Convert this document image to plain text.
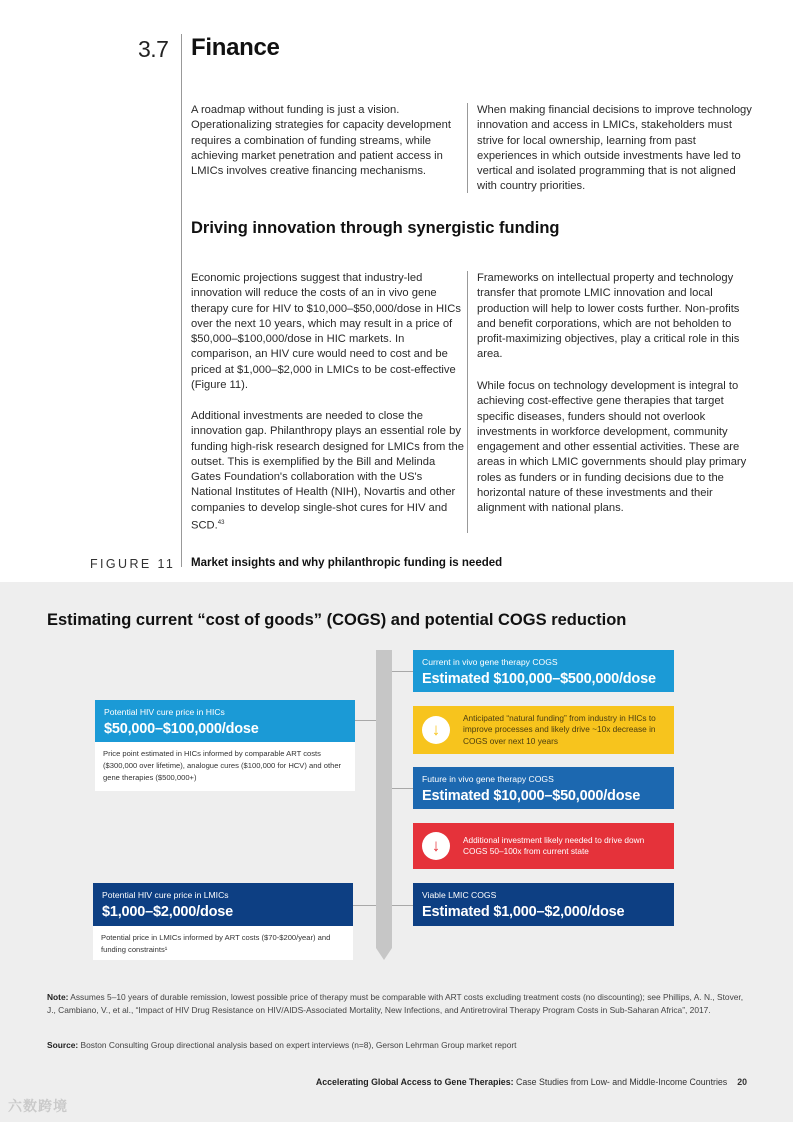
3.7 Finance

A roadmap without funding is just a vision. Operationalizing strategies for capacity development requires a combination of funding streams, while achieving market penetration and patient access in LMICs involves creative financing mechanisms.

When making financial decisions to improve technology innovation and access in LMICs, stakeholders must strive for local ownership, learning from past experiences in which outside investments have led to vertical and isolated programming that is not aligned with country priorities.

Driving innovation through synergistic funding

Economic projections suggest that industry-led innovation will reduce the costs of an in vivo gene therapy cure for HIV to $10,000–$50,000/dose in HICs over the next 10 years, which may result in a price of $50,000–$100,000/dose in HIC markets. In comparison, an HIV cure would need to cost and be priced at $1,000–$2,000 in LMICs to be cost-effective (Figure 11).

Additional investments are needed to close the innovation gap. Philanthropy plays an essential role by funding high-risk research designed for LMICs from the outset. This is exemplified by the Bill and Melinda Gates Foundation's collaboration with the US's National Institutes of Health (NIH), Novartis and other companies to develop single-shot cures for HIV and SCD.$^{43}$

Frameworks on intellectual property and technology transfer that promote LMIC innovation and local production will help to lower costs further. Non-profits and benefit corporations, which are not beholden to profit-maximizing objectives, play a critical role in this area.

While focus on technology development is integral to achieving cost-effective gene therapies that target specific diseases, funders should not overlook investments in workforce development, community engagement and other essential activities. These are areas in which LMIC governments should play primary roles as funders or in funding decisions due to the horizontal nature of these investments and their alignment with national plans.

FIGURE 11 Market insights and why philanthropic funding is needed
Estimating current “cost of goods” (COGS) and potential COGS reduction
Current in vivo gene therapy COGS
Estimated $100,000–$500,000/dose
↓
Anticipated “natural funding” from industry in HICs to improve processes and likely drive ~10x decrease in COGS over next 10 years
Future in vivo gene therapy COGS
Estimated $10,000–$50,000/dose
↓	Additional investment likely needed to drive down COGS 50–100x from current state
Viable LMIC COGS
Estimated $1,000–$2,000/dose
Potential HIV cure price in HICs
$50,000–$100,000/dose
Price point estimated in HICs informed by comparable ART costs ($300,000 over lifetime), analogue cures ($100,000 for HCV) and other gene therapies ($500,000+)
Potential HIV cure price in LMICs
$1,000–$2,000/dose
Potential price in LMICs informed by ART costs ($70-$200/year) and funding constraints¹

Note: Assumes 5–10 years of durable remission, lowest possible price of therapy must be comparable with ART costs excluding treatment costs (no discounting); see Phillips, A. N., Stover, J., Cambiano, V., et al., “Impact of HIV Drug Resistance on HIV/AIDS-Associated Mortality, New Infections, and Antiretroviral Therapy Program Costs in Sub-Saharan Africa”, 2017.

Source: Boston Consulting Group directional analysis based on expert interviews (n=8), Gerson Lehrman Group market report

Accelerating Global Access to Gene Therapies: Case Studies from Low- and Middle-Income Countries 20
六数跨境
